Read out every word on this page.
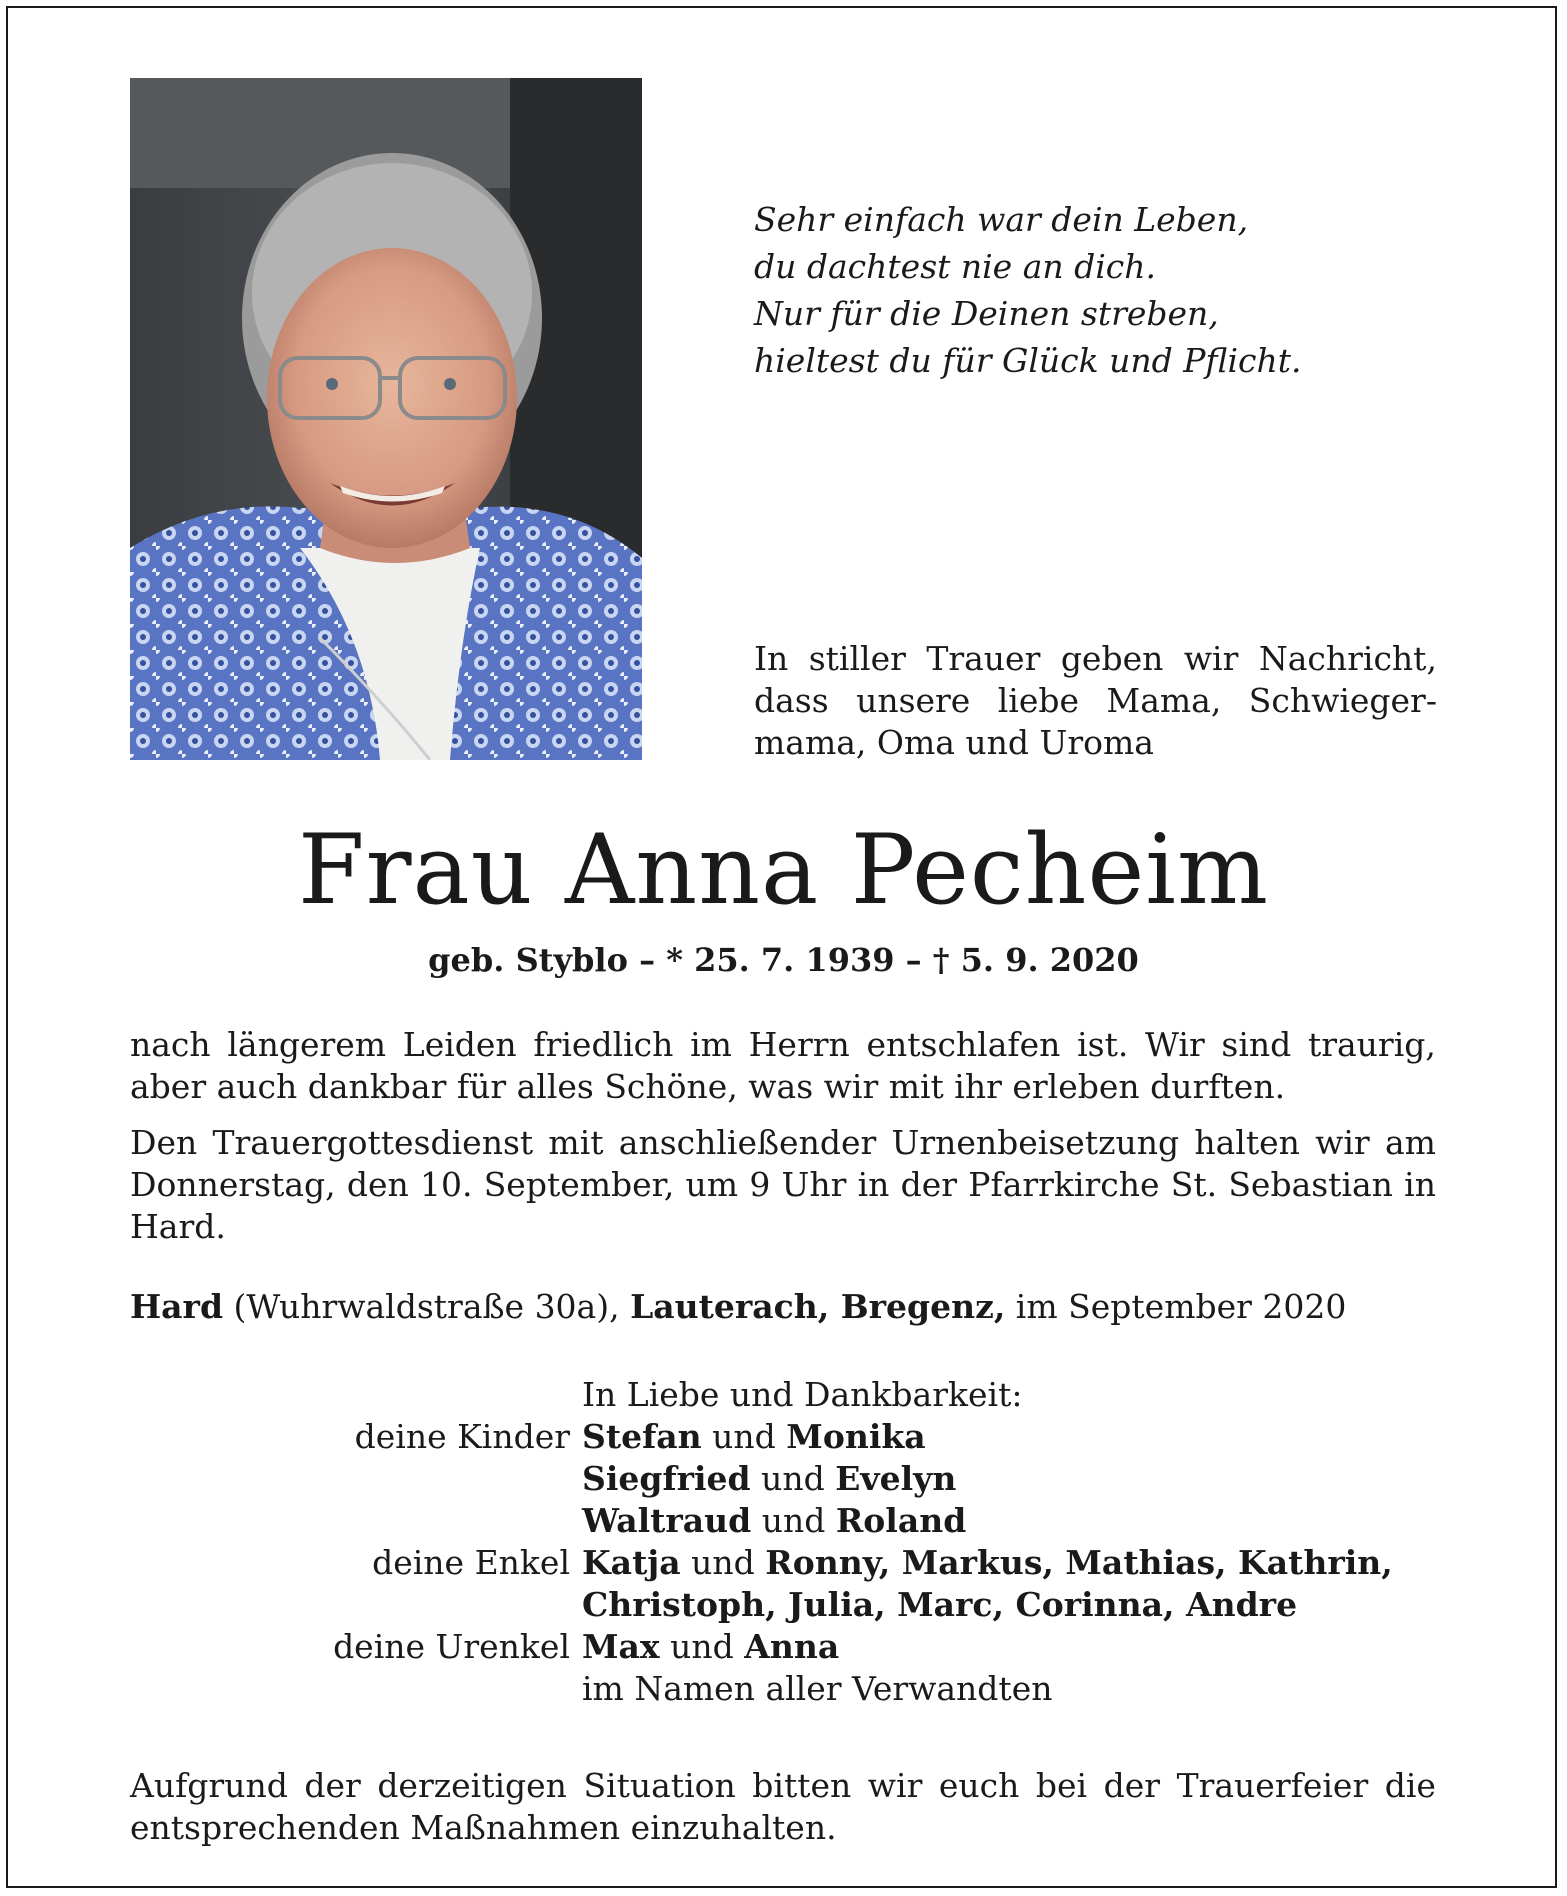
Sehr einfach war dein Leben,
du dachtest nie an dich.
Nur für die Deinen streben,
hieltest du für Glück und Pflicht.
In stiller Trauer geben wir Nachricht,
dass unsere liebe Mama, Schwieger-
mama, Oma und Uroma
Frau Anna Pecheim
geb. Styblo – * 25. 7. 1939 – † 5. 9. 2020
nach längerem Leiden friedlich im Herrn entschlafen ist. Wir sind traurig,
aber auch dankbar für alles Schöne, was wir mit ihr erleben durften.
Den Trauergottesdienst mit anschließender Urnenbeisetzung halten wir am
Donnerstag, den 10. September, um 9 Uhr in der Pfarrkirche St. Sebastian in
Hard.
Hard (Wuhrwaldstraße 30a), Lauterach, Bregenz, im September 2020
In Liebe und Dankbarkeit:
deine Kinder Stefan und Monika
Siegfried und Evelyn
Waltraud und Roland
deine Enkel Katja und Ronny, Markus, Mathias, Kathrin,
Christoph, Julia, Marc, Corinna, Andre
deine Urenkel Max und Anna
im Namen aller Verwandten
Aufgrund der derzeitigen Situation bitten wir euch bei der Trauerfeier die
entsprechenden Maßnahmen einzuhalten.
